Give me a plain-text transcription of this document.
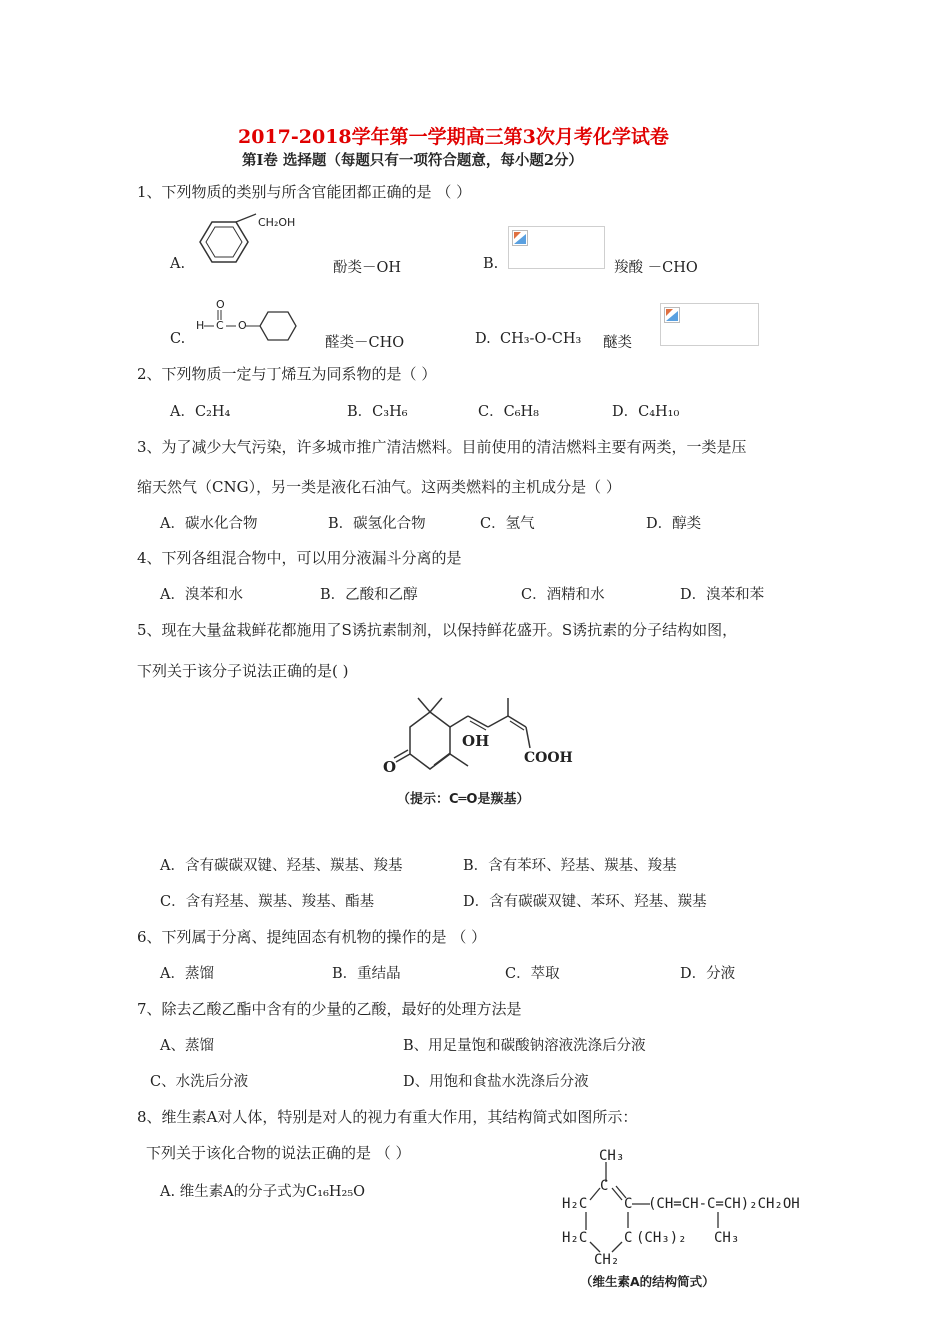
2017-2018学年第一学期高三第3次月考化学试卷
第Ⅰ卷 选择题（每题只有一项符合题意，每小题2分）
1、下列物质的类别与所含官能团都正确的是 （ ）
A.
CH₂OH
酚类－OH	B.	羧酸 －CHO
C.
O
H C O
醛类－CHO	D. CH₃-O-CH₃ 醚类
2、下列物质一定与丁烯互为同系物的是（ ）
A．C₂H₄	B．C₃H₆	C．C₆H₈	D．C₄H₁₀
3、为了减少大气污染，许多城市推广清洁燃料。目前使用的清洁燃料主要有两类，一类是压
缩天然气（CNG），另一类是液化石油气。这两类燃料的主机成分是（ ）
A．碳水化合物	B．碳氢化合物	C．氢气	D．醇类
4、下列各组混合物中，可以用分液漏斗分离的是
A．溴苯和水	B．乙酸和乙醇	C．酒精和水	D．溴苯和苯
5、现在大量盆栽鲜花都施用了S诱抗素制剂，以保持鲜花盛开。S诱抗素的分子结构如图，
下列关于该分子说法正确的是( )
OH
O	COOH
（提示：C═O是羰基）
A．含有碳碳双键、羟基、羰基、羧基	B．含有苯环、羟基、羰基、羧基
C．含有羟基、羰基、羧基、酯基	D．含有碳碳双键、苯环、羟基、羰基
6、下列属于分离、提纯固态有机物的操作的是 （ ）
A．蒸馏	B．重结晶	C．萃取	D．分液
7、除去乙酸乙酯中含有的少量的乙酸，最好的处理方法是
A、蒸馏	B、用足量饱和碳酸钠溶液洗涤后分液
C、水洗后分液	D、用饱和食盐水洗涤后分液
8、维生素A对人体，特别是对人的视力有重大作用，其结构简式如图所示：
下列关于该化合物的说法正确的是 （ ）
A. 维生素A的分子式为C₁₆H₂₅O
CH₃
C
H₂C	C (CH=CH-C=CH)₂CH₂OH
H₂C	C (CH₃)₂ CH₃
CH₂
（维生素A的结构简式）
